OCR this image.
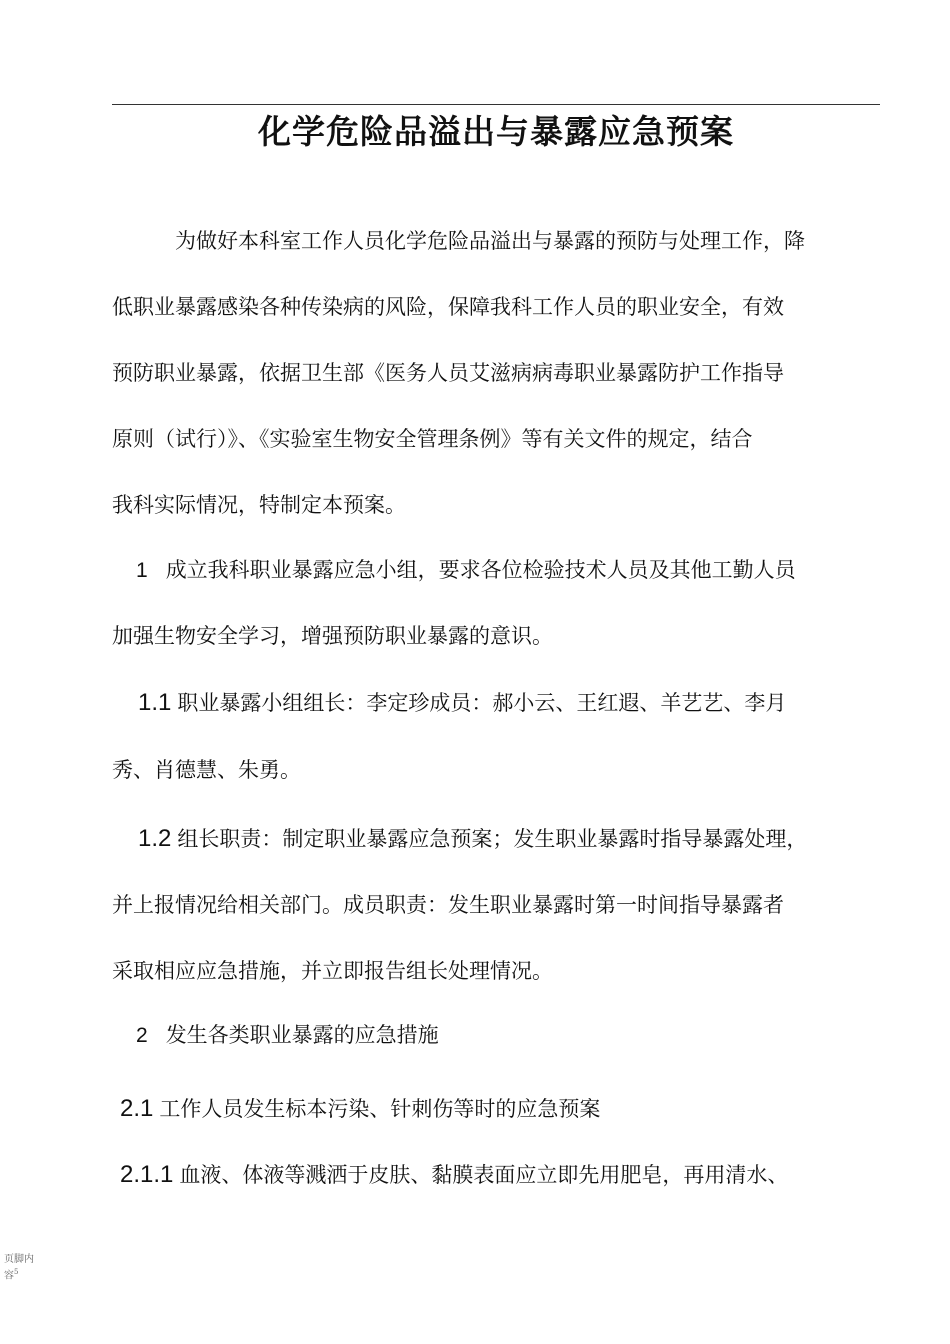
化学危险品溢出与暴露应急预案
为做好本科室工作人员化学危险品溢出与暴露的预防与处理工作，降
低职业暴露感染各种传染病的风险，保障我科工作人员的职业安全，有效
预防职业暴露，依据卫生部《医务人员艾滋病病毒职业暴露防护工作指导
原则（试行）》、《实验室生物安全管理条例》等有关文件的规定，结合
我科实际情况，特制定本预案。
1 成立我科职业暴露应急小组，要求各位检验技术人员及其他工勤人员
加强生物安全学习，增强预防职业暴露的意识。
1.1 职业暴露小组组长：李定珍成员：郝小云、王红遐、羊艺艺、李月
秀、肖德慧、朱勇。
1.2 组长职责：制定职业暴露应急预案；发生职业暴露时指导暴露处理，
并上报情况给相关部门。成员职责：发生职业暴露时第一时间指导暴露者
采取相应应急措施，并立即报告组长处理情况。
2 发生各类职业暴露的应急措施
2.1 工作人员发生标本污染、针刺伤等时的应急预案
2.1.1 血液、体液等溅洒于皮肤、黏膜表面应立即先用肥皂，再用清水、
页脚内容$^5$
